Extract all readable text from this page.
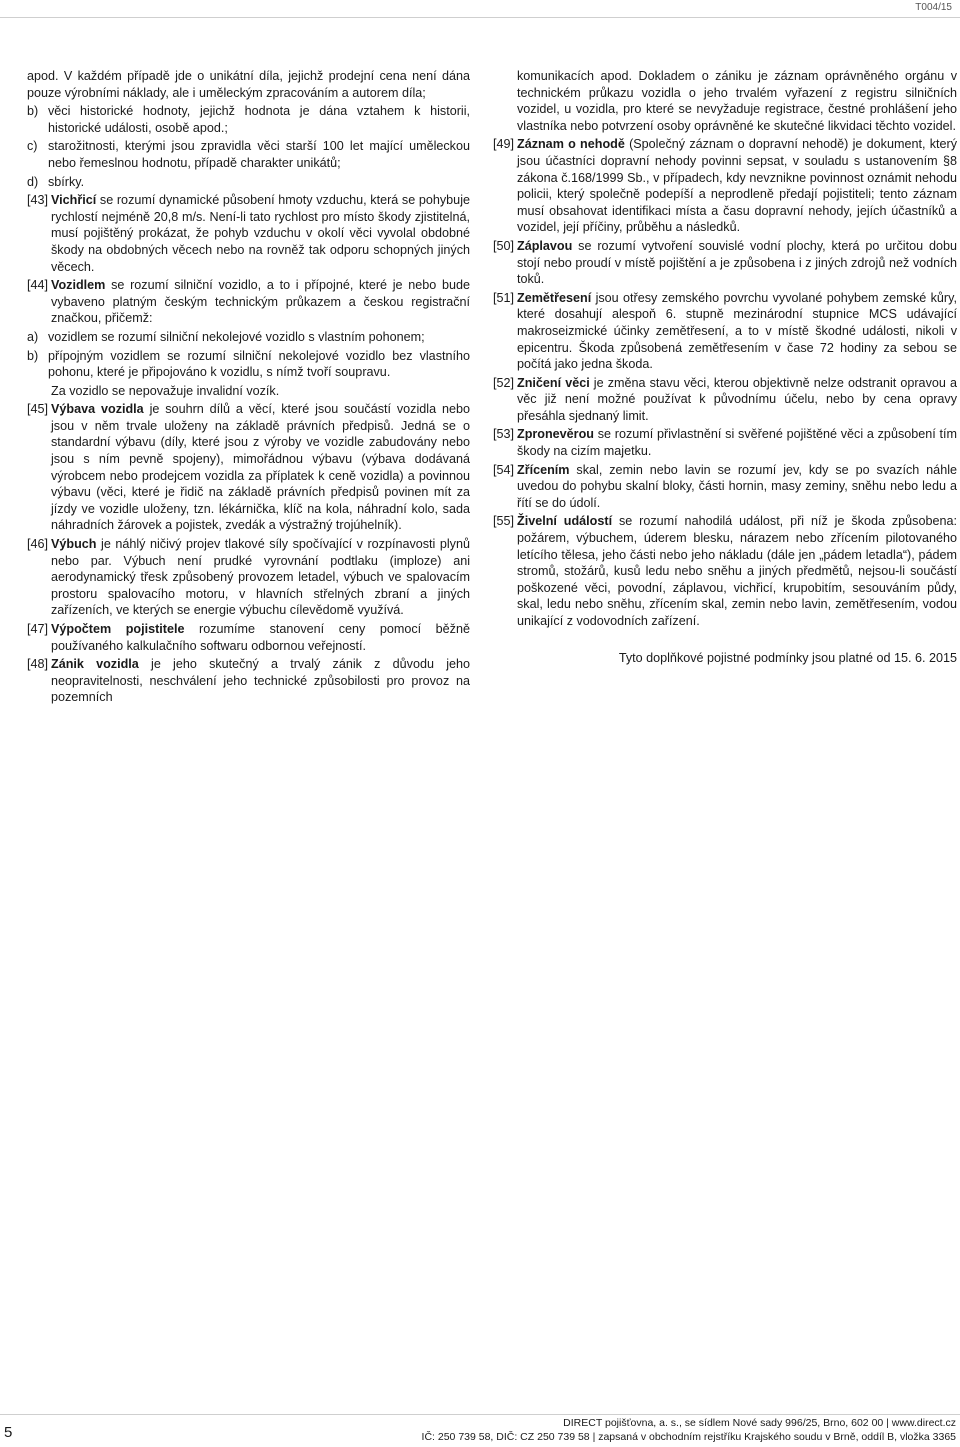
T004/15
apod. V každém případě jde o unikátní díla, jejichž prodejní cena není dána pouze výrobními náklady, ale i uměleckým zpracováním a autorem díla;
b) věci historické hodnoty, jejichž hodnota je dána vztahem k historii, historické události, osobě apod.;
c) starožitnosti, kterými jsou zpravidla věci starší 100 let mající uměleckou nebo řemeslnou hodnotu, případě charakter unikátů;
d) sbírky.
[43] Vichřicí se rozumí dynamické působení hmoty vzduchu, která se pohybuje rychlostí nejméně 20,8 m/s. Není-li tato rychlost pro místo škody zjistitelná, musí pojištěný prokázat, že pohyb vzduchu v okolí věci vyvolal obdobné škody na obdobných věcech nebo na rovněž tak odporu schopných jiných věcech.
[44] Vozidlem se rozumí silniční vozidlo, a to i přípojné, které je nebo bude vybaveno platným českým technickým průkazem a českou registrační značkou, přičemž:
a) vozidlem se rozumí silniční nekolejové vozidlo s vlastním pohonem;
b) přípojným vozidlem se rozumí silniční nekolejové vozidlo bez vlastního pohonu, které je připojováno k vozidlu, s nímž tvoří soupravu.
Za vozidlo se nepovažuje invalidní vozík.
[45] Výbava vozidla je souhrn dílů a věcí, které jsou součástí vozidla nebo jsou v něm trvale uloženy na základě právních předpisů. Jedná se o standardní výbavu (díly, které jsou z výroby ve vozidle zabudovány nebo jsou s ním pevně spojeny), mimořádnou výbavu (výbava dodávaná výrobcem nebo prodejcem vozidla za příplatek k ceně vozidla) a povinnou výbavu (věci, které je řidič na základě právních předpisů povinen mít za jízdy ve vozidle uloženy, tzn. lékárnička, klíč na kola, náhradní kolo, sada náhradních žárovek a pojistek, zvedák a výstražný trojúhelník).
[46] Výbuch je náhlý ničivý projev tlakové síly spočívající v rozpínavosti plynů nebo par. Výbuch není prudké vyrovnání podtlaku (imploze) ani aerodynamický třesk způsobený provozem letadel, výbuch ve spalovacím prostoru spalovacího motoru, v hlavních střelných zbraní a jiných zařízeních, ve kterých se energie výbuchu cílevědomě využívá.
[47] Výpočtem pojistitele rozumíme stanovení ceny pomocí běžně používaného kalkulačního softwaru odbornou veřejností.
[48] Zánik vozidla je jeho skutečný a trvalý zánik z důvodu jeho neopravitelnosti, neschválení jeho technické způsobilosti pro provoz na pozemních
komunikacích apod. Dokladem o zániku je záznam oprávněného orgánu v technickém průkazu vozidla o jeho trvalém vyřazení z registru silničních vozidel, u vozidla, pro které se nevyžaduje registrace, čestné prohlášení jeho vlastníka nebo potvrzení osoby oprávněné ke skutečné likvidaci těchto vozidel.
[49] Záznam o nehodě (Společný záznam o dopravní nehodě) je dokument, který jsou účastníci dopravní nehody povinni sepsat, v souladu s ustanovením §8 zákona č.168/1999 Sb., v případech, kdy nevznikne povinnost oznámit nehodu policii, který společně podepíší a neprodleně předají pojistiteli; tento záznam musí obsahovat identifikaci místa a času dopravní nehody, jejích účastníků a vozidel, její příčiny, průběhu a následků.
[50] Záplavou se rozumí vytvoření souvislé vodní plochy, která po určitou dobu stojí nebo proudí v místě pojištění a je způsobena i z jiných zdrojů než vodních toků.
[51] Zemětřesení jsou otřesy zemského povrchu vyvolané pohybem zemské kůry, které dosahují alespoň 6. stupně mezinárodní stupnice MCS udávající makroseizmické účinky zemětřesení, a to v místě škodné události, nikoli v epicentru. Škoda způsobená zemětřesením v čase 72 hodiny za sebou se počítá jako jedna škoda.
[52] Zničení věci je změna stavu věci, kterou objektivně nelze odstranit opravou a věc již není možné používat k původnímu účelu, nebo by cena opravy přesáhla sjednaný limit.
[53] Zpronevěrou se rozumí přivlastnění si svěřené pojištěné věci a způsobení tím škody na cizím majetku.
[54] Zřícením skal, zemin nebo lavin se rozumí jev, kdy se po svazích náhle uvedou do pohybu skalní bloky, části hornin, masy zeminy, sněhu nebo ledu a řítí se do údolí.
[55] Živelní událostí se rozumí nahodilá událost, při níž je škoda způsobena: požárem, výbuchem, úderem blesku, nárazem nebo zřícením pilotovaného letícího tělesa, jeho části nebo jeho nákladu (dále jen „pádem letadla“), pádem stromů, stožárů, kusů ledu nebo sněhu a jiných předmětů, nejsou-li součástí poškozené věci, povodní, záplavou, vichřicí, krupobitím, sesouváním půdy, skal, ledu nebo sněhu, zřícením skal, zemin nebo lavin, zemětřesením, vodou unikající z vodovodních zařízení.
Tyto doplňkové pojistné podmínky jsou platné od 15. 6. 2015
5
DIRECT pojišťovna, a. s., se sídlem Nové sady 996/25, Brno, 602 00 | www.direct.cz
IČ: 250 739 58, DIČ: CZ 250 739 58 | zapsaná v obchodním rejstříku Krajského soudu v Brně, oddíl B, vložka 3365
